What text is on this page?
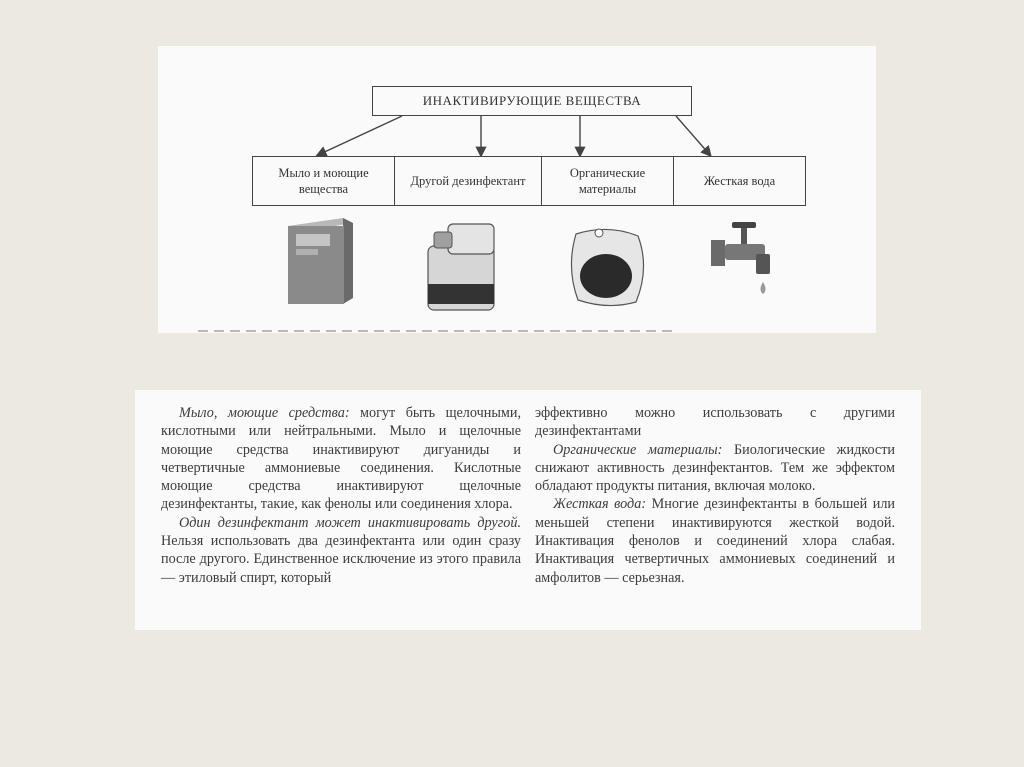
ИНАКТИВИРУЮЩИЕ ВЕЩЕСТВА
Мыло и моющие вещества
Другой дезинфектант
Органические материалы
Жесткая вода

Мыло, моющие средства: могут быть щелочными, кислотными или нейтральными. Мыло и щелочные моющие средства инактивируют дигуаниды и четвертичные аммониевые соединения. Кислотные моющие средства инактивируют щелочные дезинфектанты, такие, как фенолы или соединения хлора.

Один дезинфектант может инактивировать другой. Нельзя использовать два дезинфектанта или один сразу после другого. Единственное исключение из этого правила — этиловый спирт, который

эффективно можно использовать с другими дезинфектантами

Органические материалы: Биологические жидкости снижают активность дезинфектантов. Тем же эффектом обладают продукты питания, включая молоко.

Жесткая вода: Многие дезинфектанты в большей или меньшей степени инактивируются жесткой водой. Инактивация фенолов и соединений хлора слабая. Инактивация четвертичных аммониевых соединений и амфолитов — серьезная.
